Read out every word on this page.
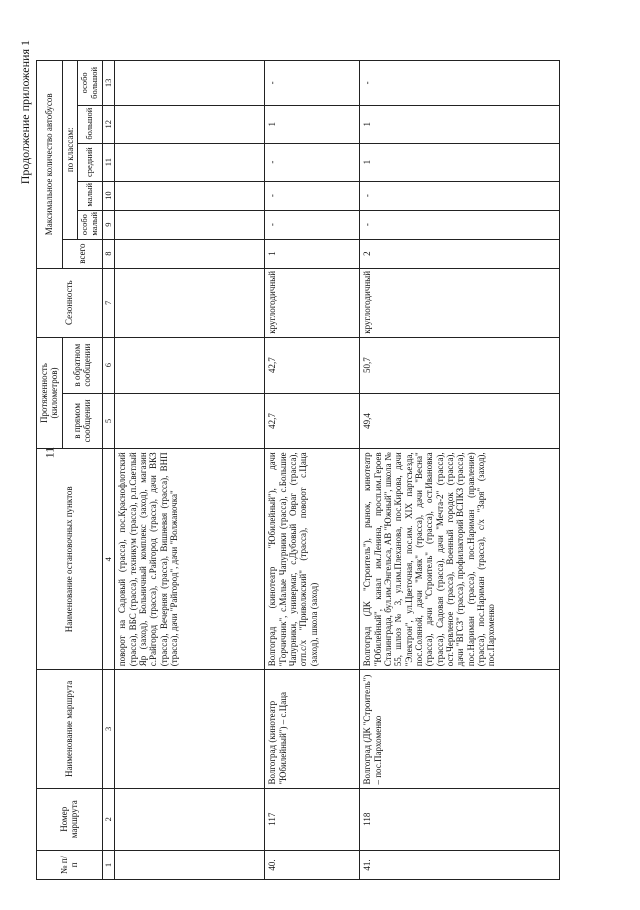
11
Продолжение приложения 1
№ п/п	Номер маршрута	Наименование маршрута	Наименование остановочных пунктов	Протяженность (километров)		Сезонность	Максимальное количество автобусов					
				в прямом сообщении	в обратном сообщении		всего	по классам:				
								особо малый	малый	средний	большой	особо большой
1	2	3	4	5	6	7	8	9	10	11	12	13
			поворот на Садовый (трасса), пос.Краснофлотский (трасса), ВБС (трасса), техникум (трасса), р.п.Светлый Яр (заход), Больничный комплекс (заход), магазин с.Райгород (трасса), с.Райгород (трасса), дачи ВКЗ (трасса), Вечерняя (трасса), Вишневая (трасса), ВНП (трасса), дачи "Райгород", дачи "Волжаночка"									
40.	117	Волгоград (кинотеатр "Юбилейный") – с.Цаца	Волгоград (кинотеатр "Юбилейный"), дачи "Горчичник", с.Малые Чапурники (трасса), с.Большие Чапурники, универмаг, с.Дубовый Овраг (трасса), отп.с/х "Приволжский" (трасса), поворот с.Цаца (заход), школа (заход)	42,7	42,7	круглогодичный	1	-	-	-	1	-
41.	118	Волгоград (ДК "Строитель") – пос.Пархоменко	Волгоград (ДК "Строитель"), рынок, кинотеатр "Юбилейный", канал им.Ленина, просп.им.Героев Сталинграда, бул.им.Энгельса, АВ "Южный", школа № 55, шлюз № 3, ул.им.Плеханова, пос.Кирова, дачи "Электрон", ул.Цветочная, пос.им. XIX партсъезда, пос.Соляной, дачи "Маяк" (трасса), дачи "Весна" (трасса), дачи "Строитель" (трасса), ост.Ивановка (трасса), Садовая (трасса), дачи "Мечта-2" (трасса), ост.Червленое (трасса), Военный городок (трасса), дачи "ВГСЗ" (трасса), профилакторий ВСПКЗ (трасса), пос.Нариман (трасса), пос.Нариман (правление) (трасса), пос.Нариман (трасса), с/х "Заря" (заход), пос.Пархоменко	49,4	50,7	круглогодичный	2	-	-	1	1	-
